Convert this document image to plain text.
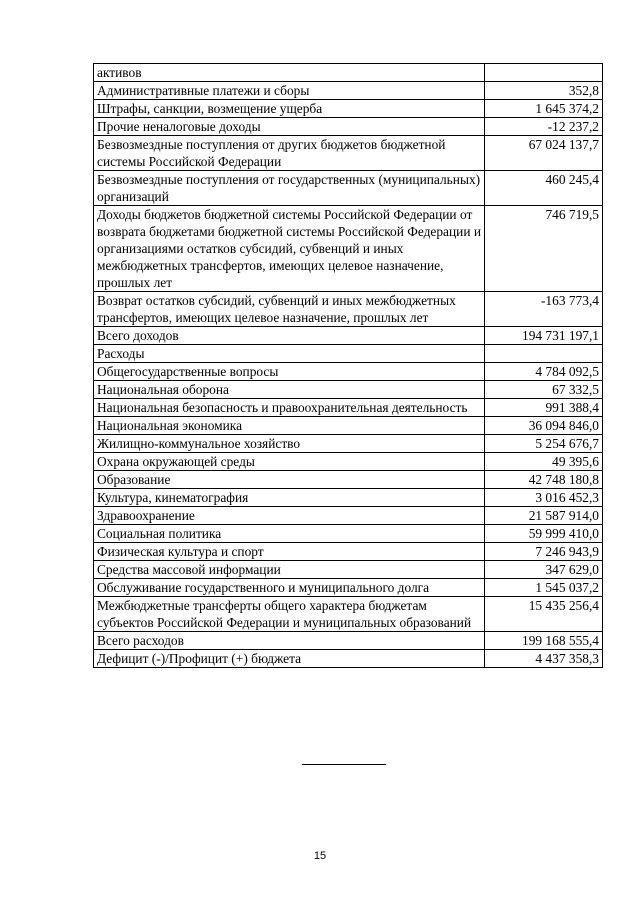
активов	
Административные платежи и сборы	352,8
Штрафы, санкции, возмещение ущерба	1 645 374,2
Прочие неналоговые доходы	-12 237,2
Безвозмездные поступления от других бюджетов бюджетной системы Российской Федерации	67 024 137,7
Безвозмездные поступления от государственных (муниципальных) организаций	460 245,4
Доходы бюджетов бюджетной системы Российской Федерации от возврата бюджетами бюджетной системы Российской Федерации и организациями остатков субсидий, субвенций и иных межбюджетных трансфертов, имеющих целевое назначение, прошлых лет	746 719,5
Возврат остатков субсидий, субвенций и иных межбюджетных трансфертов, имеющих целевое назначение, прошлых лет	-163 773,4
Всего доходов	194 731 197,1
Расходы	
Общегосударственные вопросы	4 784 092,5
Национальная оборона	67 332,5
Национальная безопасность и правоохранительная деятельность	991 388,4
Национальная экономика	36 094 846,0
Жилищно-коммунальное хозяйство	5 254 676,7
Охрана окружающей среды	49 395,6
Образование	42 748 180,8
Культура, кинематография	3 016 452,3
Здравоохранение	21 587 914,0
Социальная политика	59 999 410,0
Физическая культура и спорт	7 246 943,9
Средства массовой информации	347 629,0
Обслуживание государственного и муниципального долга	1 545 037,2
Межбюджетные трансферты общего характера бюджетам субъектов Российской Федерации и муниципальных образований	15 435 256,4
Всего расходов	199 168 555,4
Дефицит (-)/Профицит (+) бюджета	4 437 358,3
15
